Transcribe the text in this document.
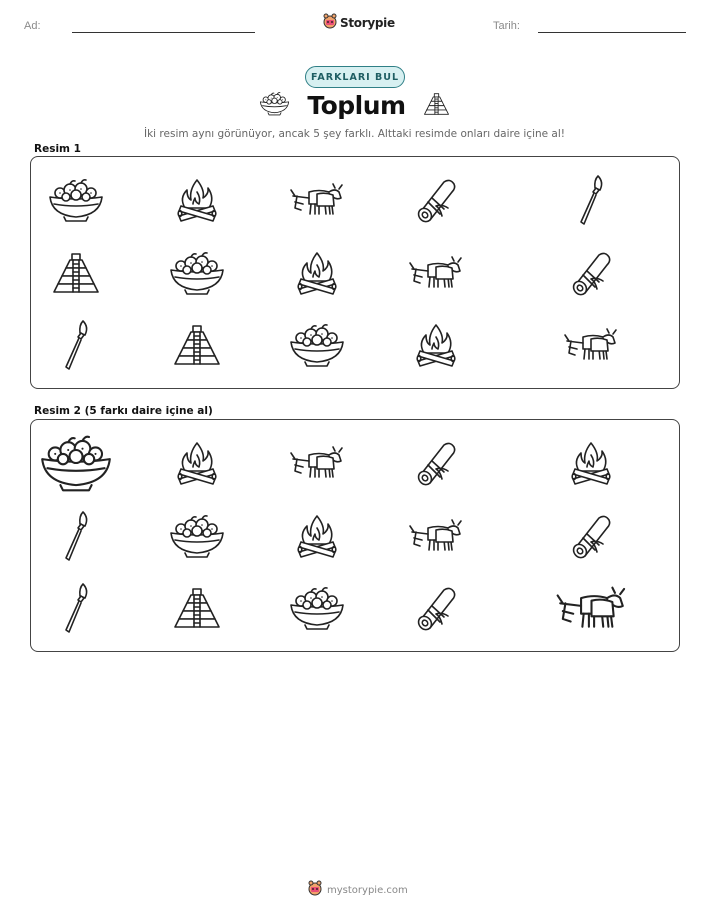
Ad:	Storypie	Tarih:
FARKLARI BUL
Toplum
İki resim aynı görünüyor, ancak 5 şey farklı. Alttaki resimde onları daire içine al!
Resim 1
Resim 2 (5 farkı daire içine al)
mystorypie.com
